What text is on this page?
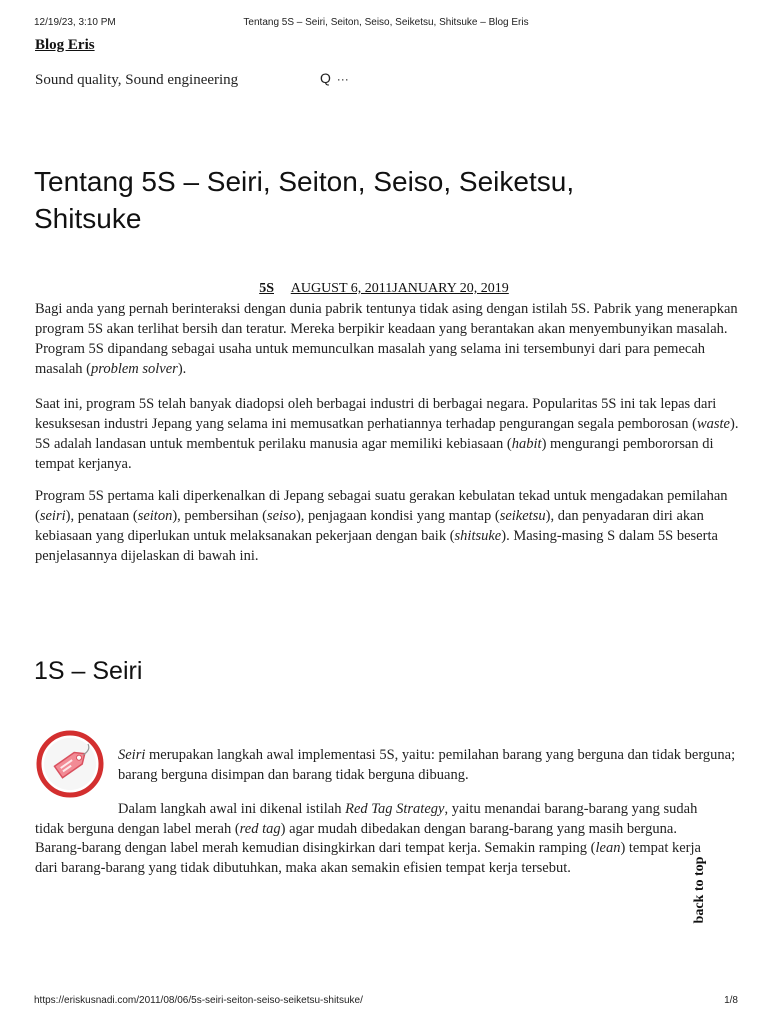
12/19/23, 3:10 PM	Tentang 5S – Seiri, Seiton, Seiso, Seiketsu, Shitsuke – Blog Eris
Blog Eris
Sound quality, Sound engineering	Q ···
Tentang 5S – Seiri, Seiton, Seiso, Seiketsu, Shitsuke
5S AUGUST 6, 2011JANUARY 20, 2019

Bagi anda yang pernah berinteraksi dengan dunia pabrik tentunya tidak asing dengan istilah 5S. Pabrik yang menerapkan program 5S akan terlihat bersih dan teratur. Mereka berpikir keadaan yang berantakan akan menyembunyikan masalah. Program 5S dipandang sebagai usaha untuk memunculkan masalah yang selama ini tersembunyi dari para pemecah masalah (problem solver).

Saat ini, program 5S telah banyak diadopsi oleh berbagai industri di berbagai negara. Popularitas 5S ini tak lepas dari kesuksesan industri Jepang yang selama ini memusatkan perhatiannya terhadap pengurangan segala pemborosan (waste). 5S adalah landasan untuk membentuk perilaku manusia agar memiliki kebiasaan (habit) mengurangi pembororsan di tempat kerjanya.

Program 5S pertama kali diperkenalkan di Jepang sebagai suatu gerakan kebulatan tekad untuk mengadakan pemilahan (seiri), penataan (seiton), pembersihan (seiso), penjagaan kondisi yang mantap (seiketsu), dan penyadaran diri akan kebiasaan yang diperlukan untuk melaksanakan pekerjaan dengan baik (shitsuke). Masing-masing S dalam 5S beserta penjelasannya dijelaskan di bawah ini.

1S – Seiri

Seiri merupakan langkah awal implementasi 5S, yaitu: pemilahan barang yang berguna dan tidak berguna; barang berguna disimpan dan barang tidak berguna dibuang.

Dalam langkah awal ini dikenal istilah Red Tag Strategy, yaitu menandai barang-barang yang sudah tidak berguna dengan label merah (red tag) agar mudah dibedakan dengan barang-barang yang masih berguna. Barang-barang dengan label merah kemudian disingkirkan dari tempat kerja. Semakin ramping (lean) tempat kerja dari barang-barang yang tidak dibutuhkan, maka akan semakin efisien tempat kerja tersebut.	back to top
https://eriskusnadi.com/2011/08/06/5s-seiri-seiton-seiso-seiketsu-shitsuke/	1/8
